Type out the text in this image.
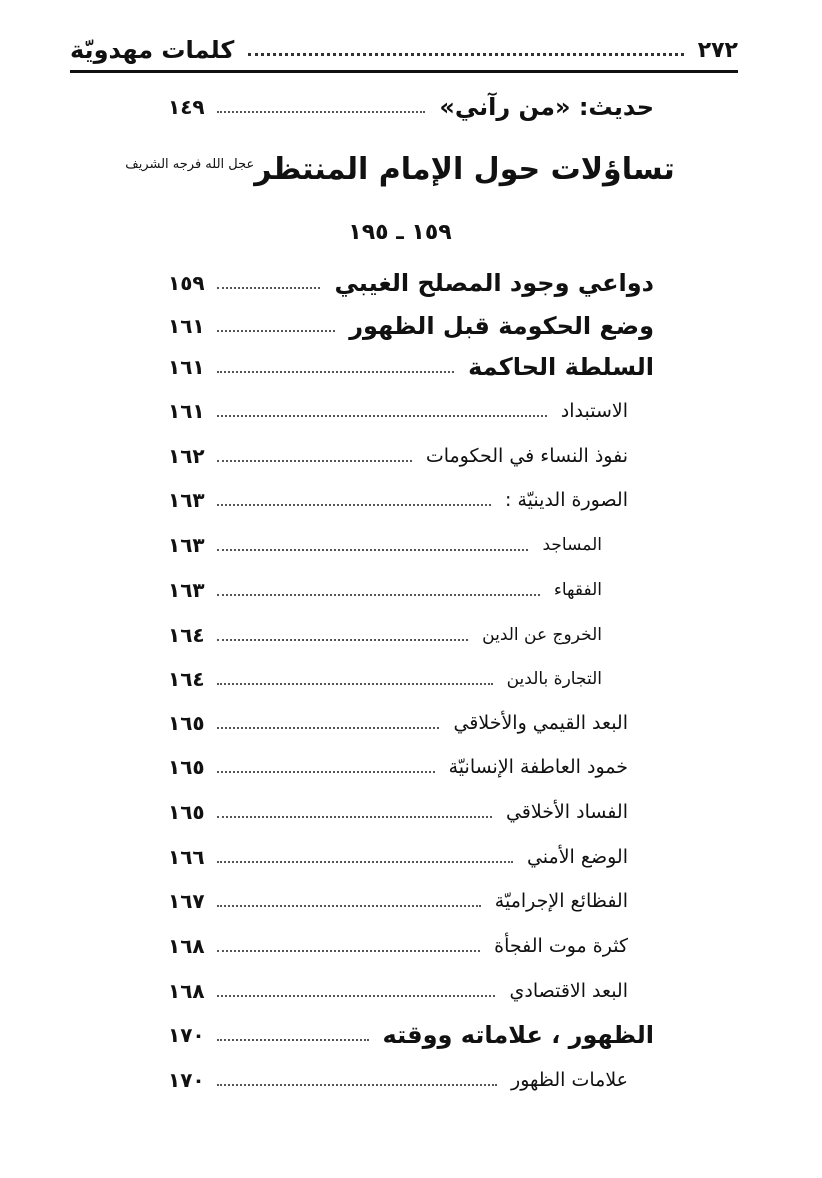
٢٧٢
كلمات مهدويّة
حديث: «من رآني»
١٤٩
تساؤلات حول الإمام المنتظر$^{عجل الله فرجه الشريف}$
١٥٩ ـ ١٩٥
دواعي وجود المصلح الغيبي
١٥٩
وضع الحكومة قبل الظهور
١٦١
السلطة الحاكمة
١٦١
الاستبداد
١٦١
نفوذ النساء في الحكومات
١٦٢
الصورة الدينيّة :
١٦٣
المساجد
١٦٣
الفقهاء
١٦٣
الخروج عن الدين
١٦٤
التجارة بالدين
١٦٤
البعد القيمي والأخلاقي
١٦٥
خمود العاطفة الإنسانيّة
١٦٥
الفساد الأخلاقي
١٦٥
الوضع الأمني
١٦٦
الفظائع الإجراميّة
١٦٧
كثرة موت الفجأة
١٦٨
البعد الاقتصادي
١٦٨
الظهور ، علاماته ووقته
١٧٠
علامات الظهور
١٧٠
